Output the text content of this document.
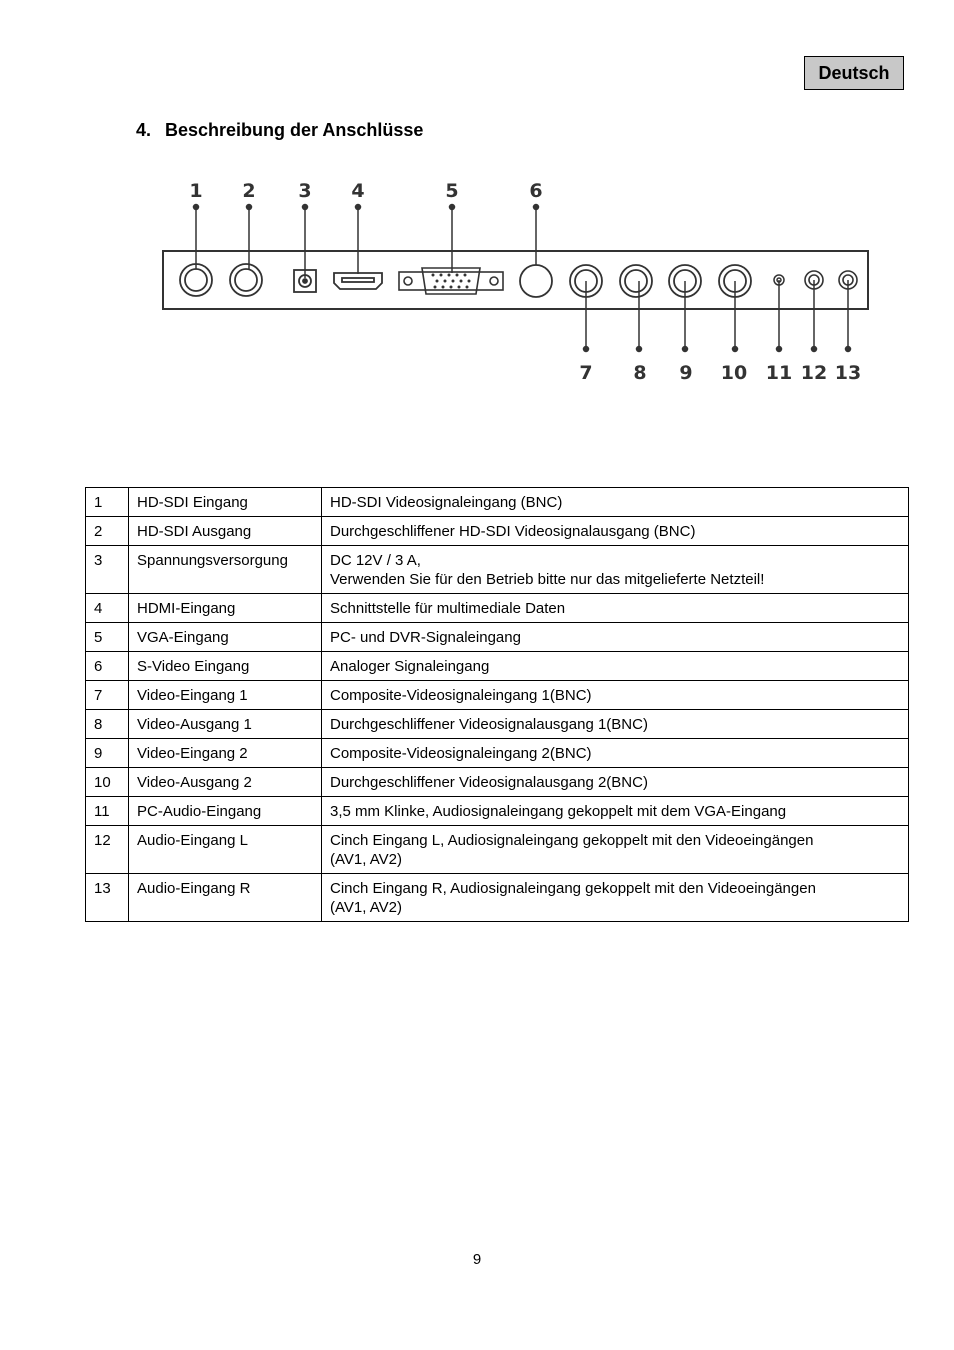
Deutsch
4. Beschreibung der Anschlüsse
1 2 3 4	5	6
7 8 9 10 11 12 13
1	HD-SDI Eingang	HD-SDI Videosignaleingang (BNC)
2	HD-SDI Ausgang	Durchgeschliffener HD-SDI Videosignalausgang (BNC)
3	Spannungsversorgung	DC 12V / 3 A,
Verwenden Sie für den Betrieb bitte nur das mitgelieferte Netzteil!
4	HDMI-Eingang	Schnittstelle für multimediale Daten
5	VGA-Eingang	PC- und DVR-Signaleingang
6	S-Video Eingang	Analoger Signaleingang
7	Video-Eingang 1	Composite-Videosignaleingang 1(BNC)
8	Video-Ausgang 1	Durchgeschliffener Videosignalausgang 1(BNC)
9	Video-Eingang 2	Composite-Videosignaleingang 2(BNC)
10	Video-Ausgang 2	Durchgeschliffener Videosignalausgang 2(BNC)
11	PC-Audio-Eingang	3,5 mm Klinke, Audiosignaleingang gekoppelt mit dem VGA-Eingang
12	Audio-Eingang L	Cinch Eingang L, Audiosignaleingang gekoppelt mit den Videoeingängen
(AV1, AV2)
13	Audio-Eingang R	Cinch Eingang R, Audiosignaleingang gekoppelt mit den Videoeingängen
(AV1, AV2)
9
